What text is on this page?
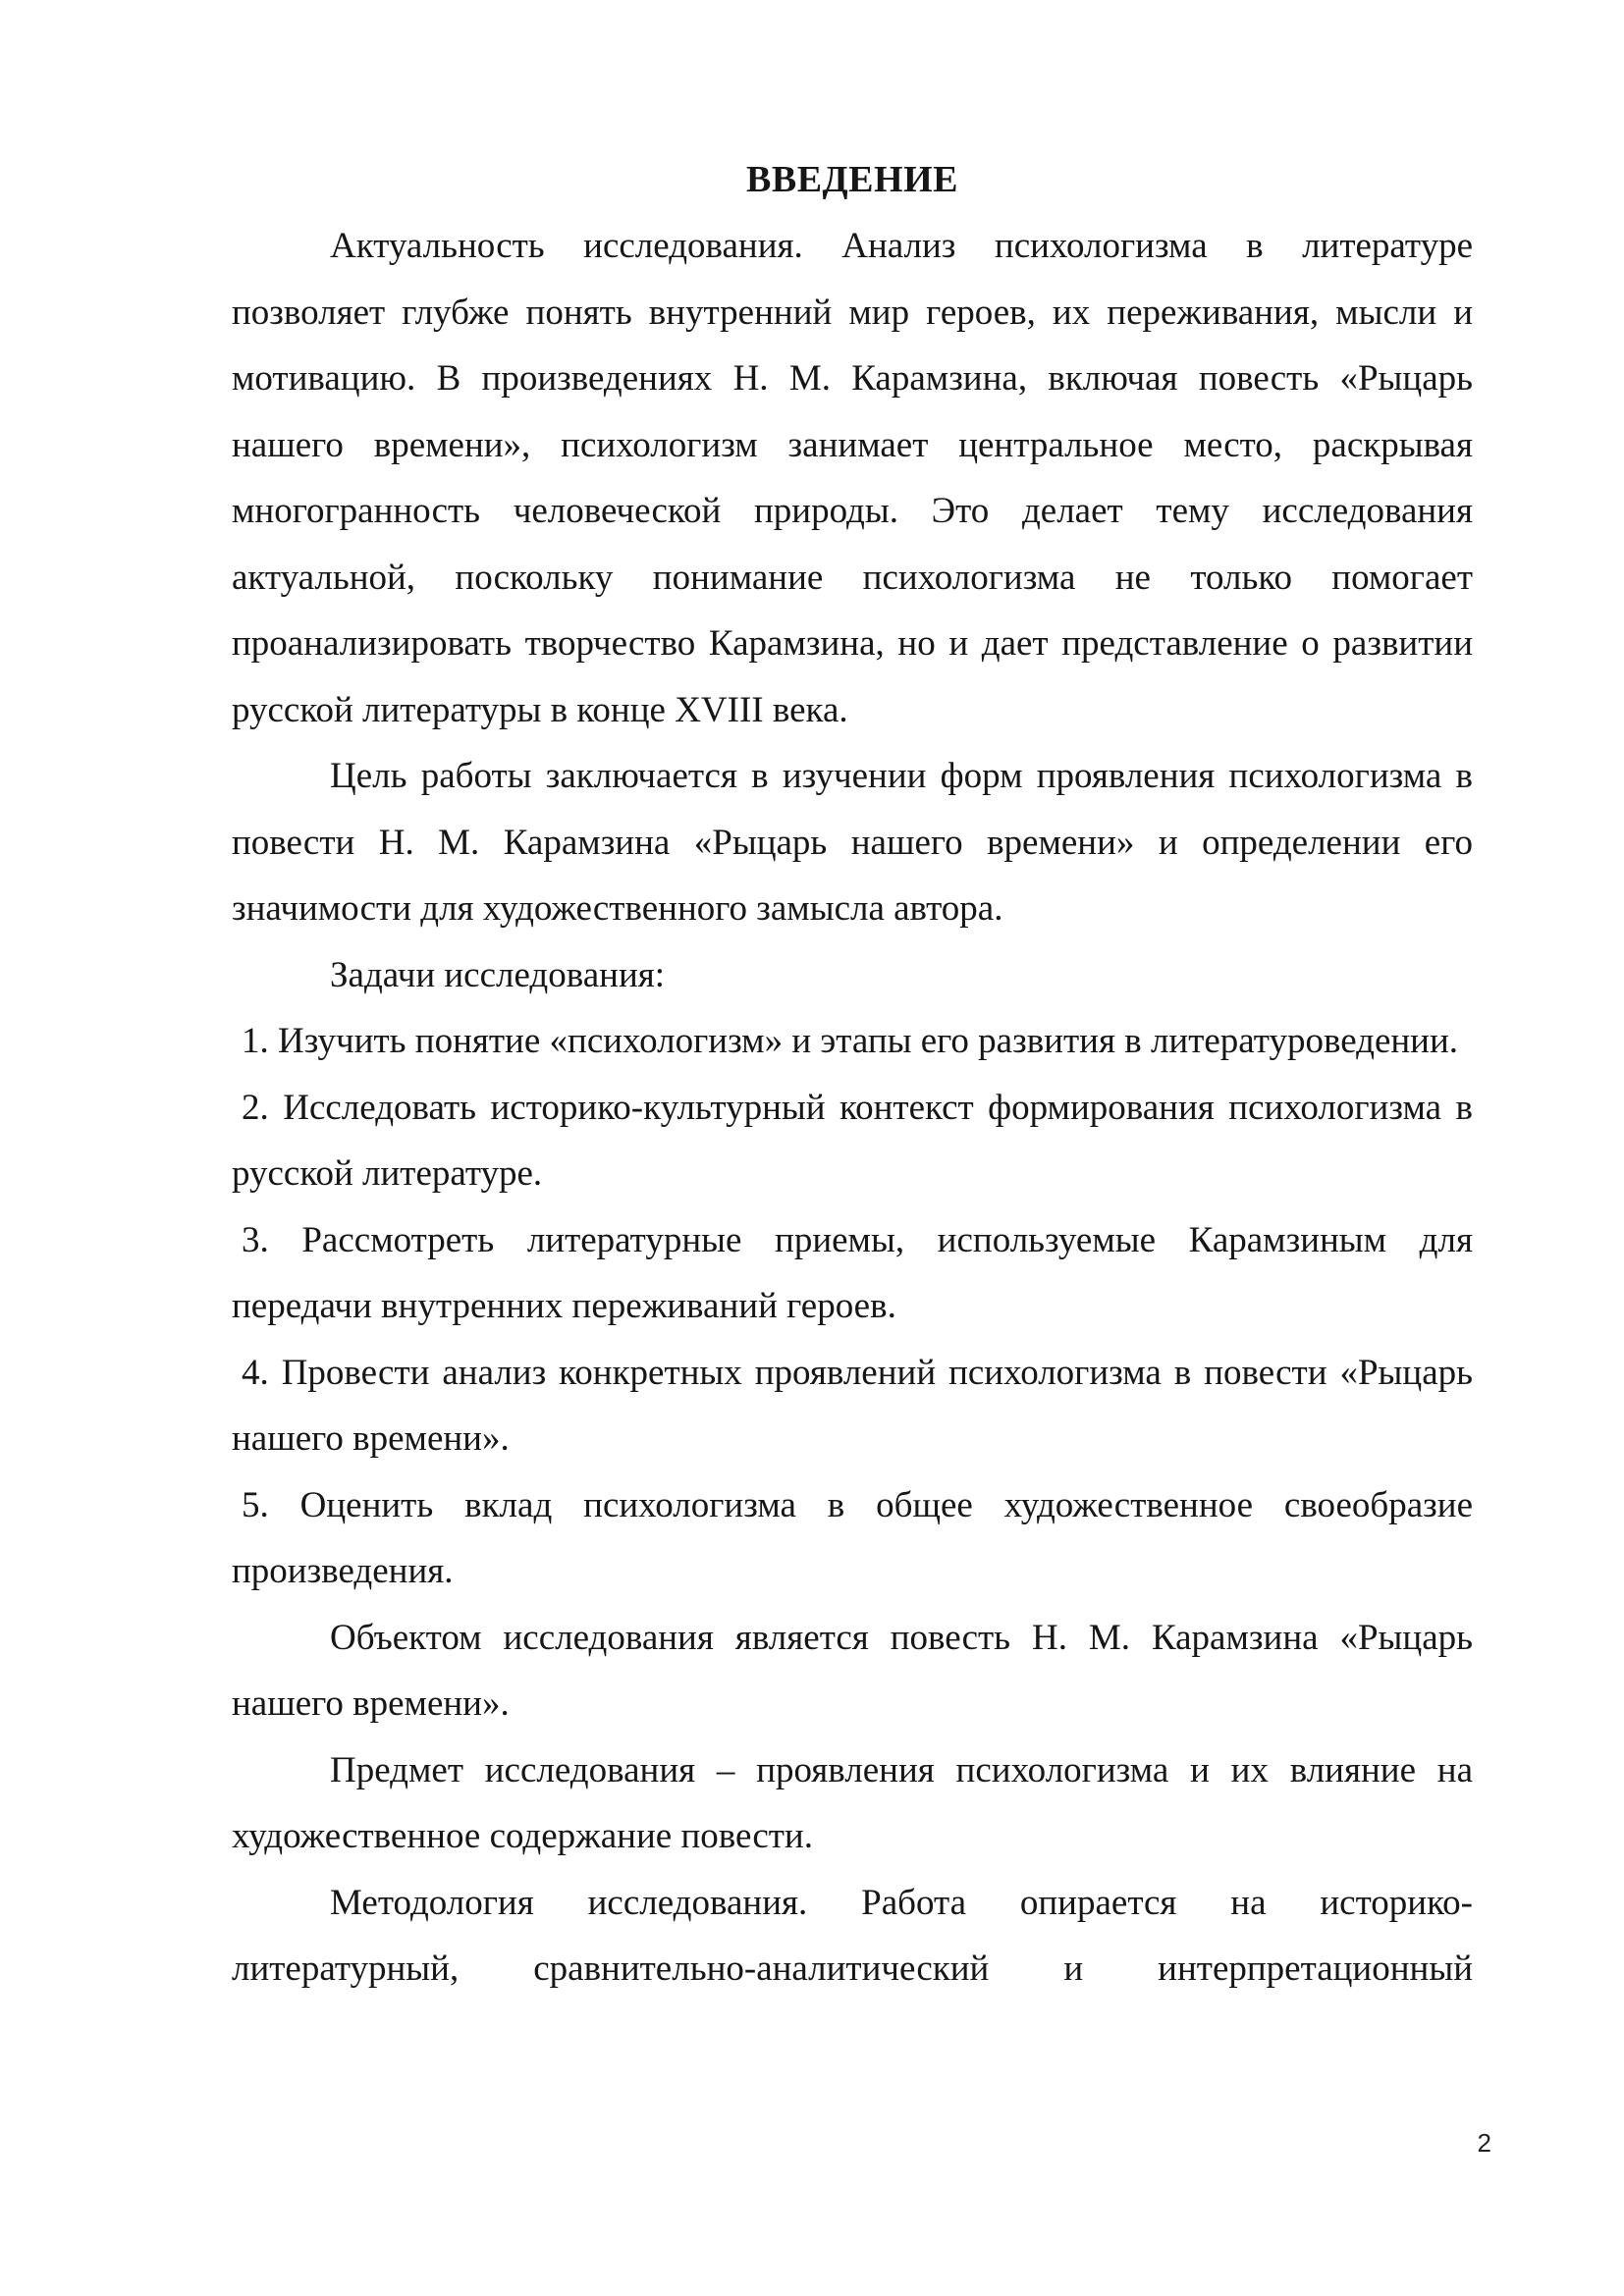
ВВЕДЕНИЕ

Актуальность исследования. Анализ психологизма в литературе позволяет глубже понять внутренний мир героев, их переживания, мысли и мотивацию. В произведениях Н. М. Карамзина, включая повесть «Рыцарь нашего времени», психологизм занимает центральное место, раскрывая многогранность человеческой природы. Это делает тему исследования актуальной, поскольку понимание психологизма не только помогает проанализировать творчество Карамзина, но и дает представление о развитии русской литературы в конце XVIII века.

Цель работы заключается в изучении форм проявления психологизма в повести Н. М. Карамзина «Рыцарь нашего времени» и определении его значимости для художественного замысла автора.

Задачи исследования:

1. Изучить понятие «психологизм» и этапы его развития в литературоведении.

2. Исследовать историко-культурный контекст формирования психологизма в русской литературе.

3. Рассмотреть литературные приемы, используемые Карамзиным для передачи внутренних переживаний героев.

4. Провести анализ конкретных проявлений психологизма в повести «Рыцарь нашего времени».

5. Оценить вклад психологизма в общее художественное своеобразие произведения.

Объектом исследования является повесть Н. М. Карамзина «Рыцарь нашего времени».

Предмет исследования – проявления психологизма и их влияние на художественное содержание повести.

Методология исследования. Работа опирается на историко-литературный, сравнительно-аналитический и интерпретационный

2
